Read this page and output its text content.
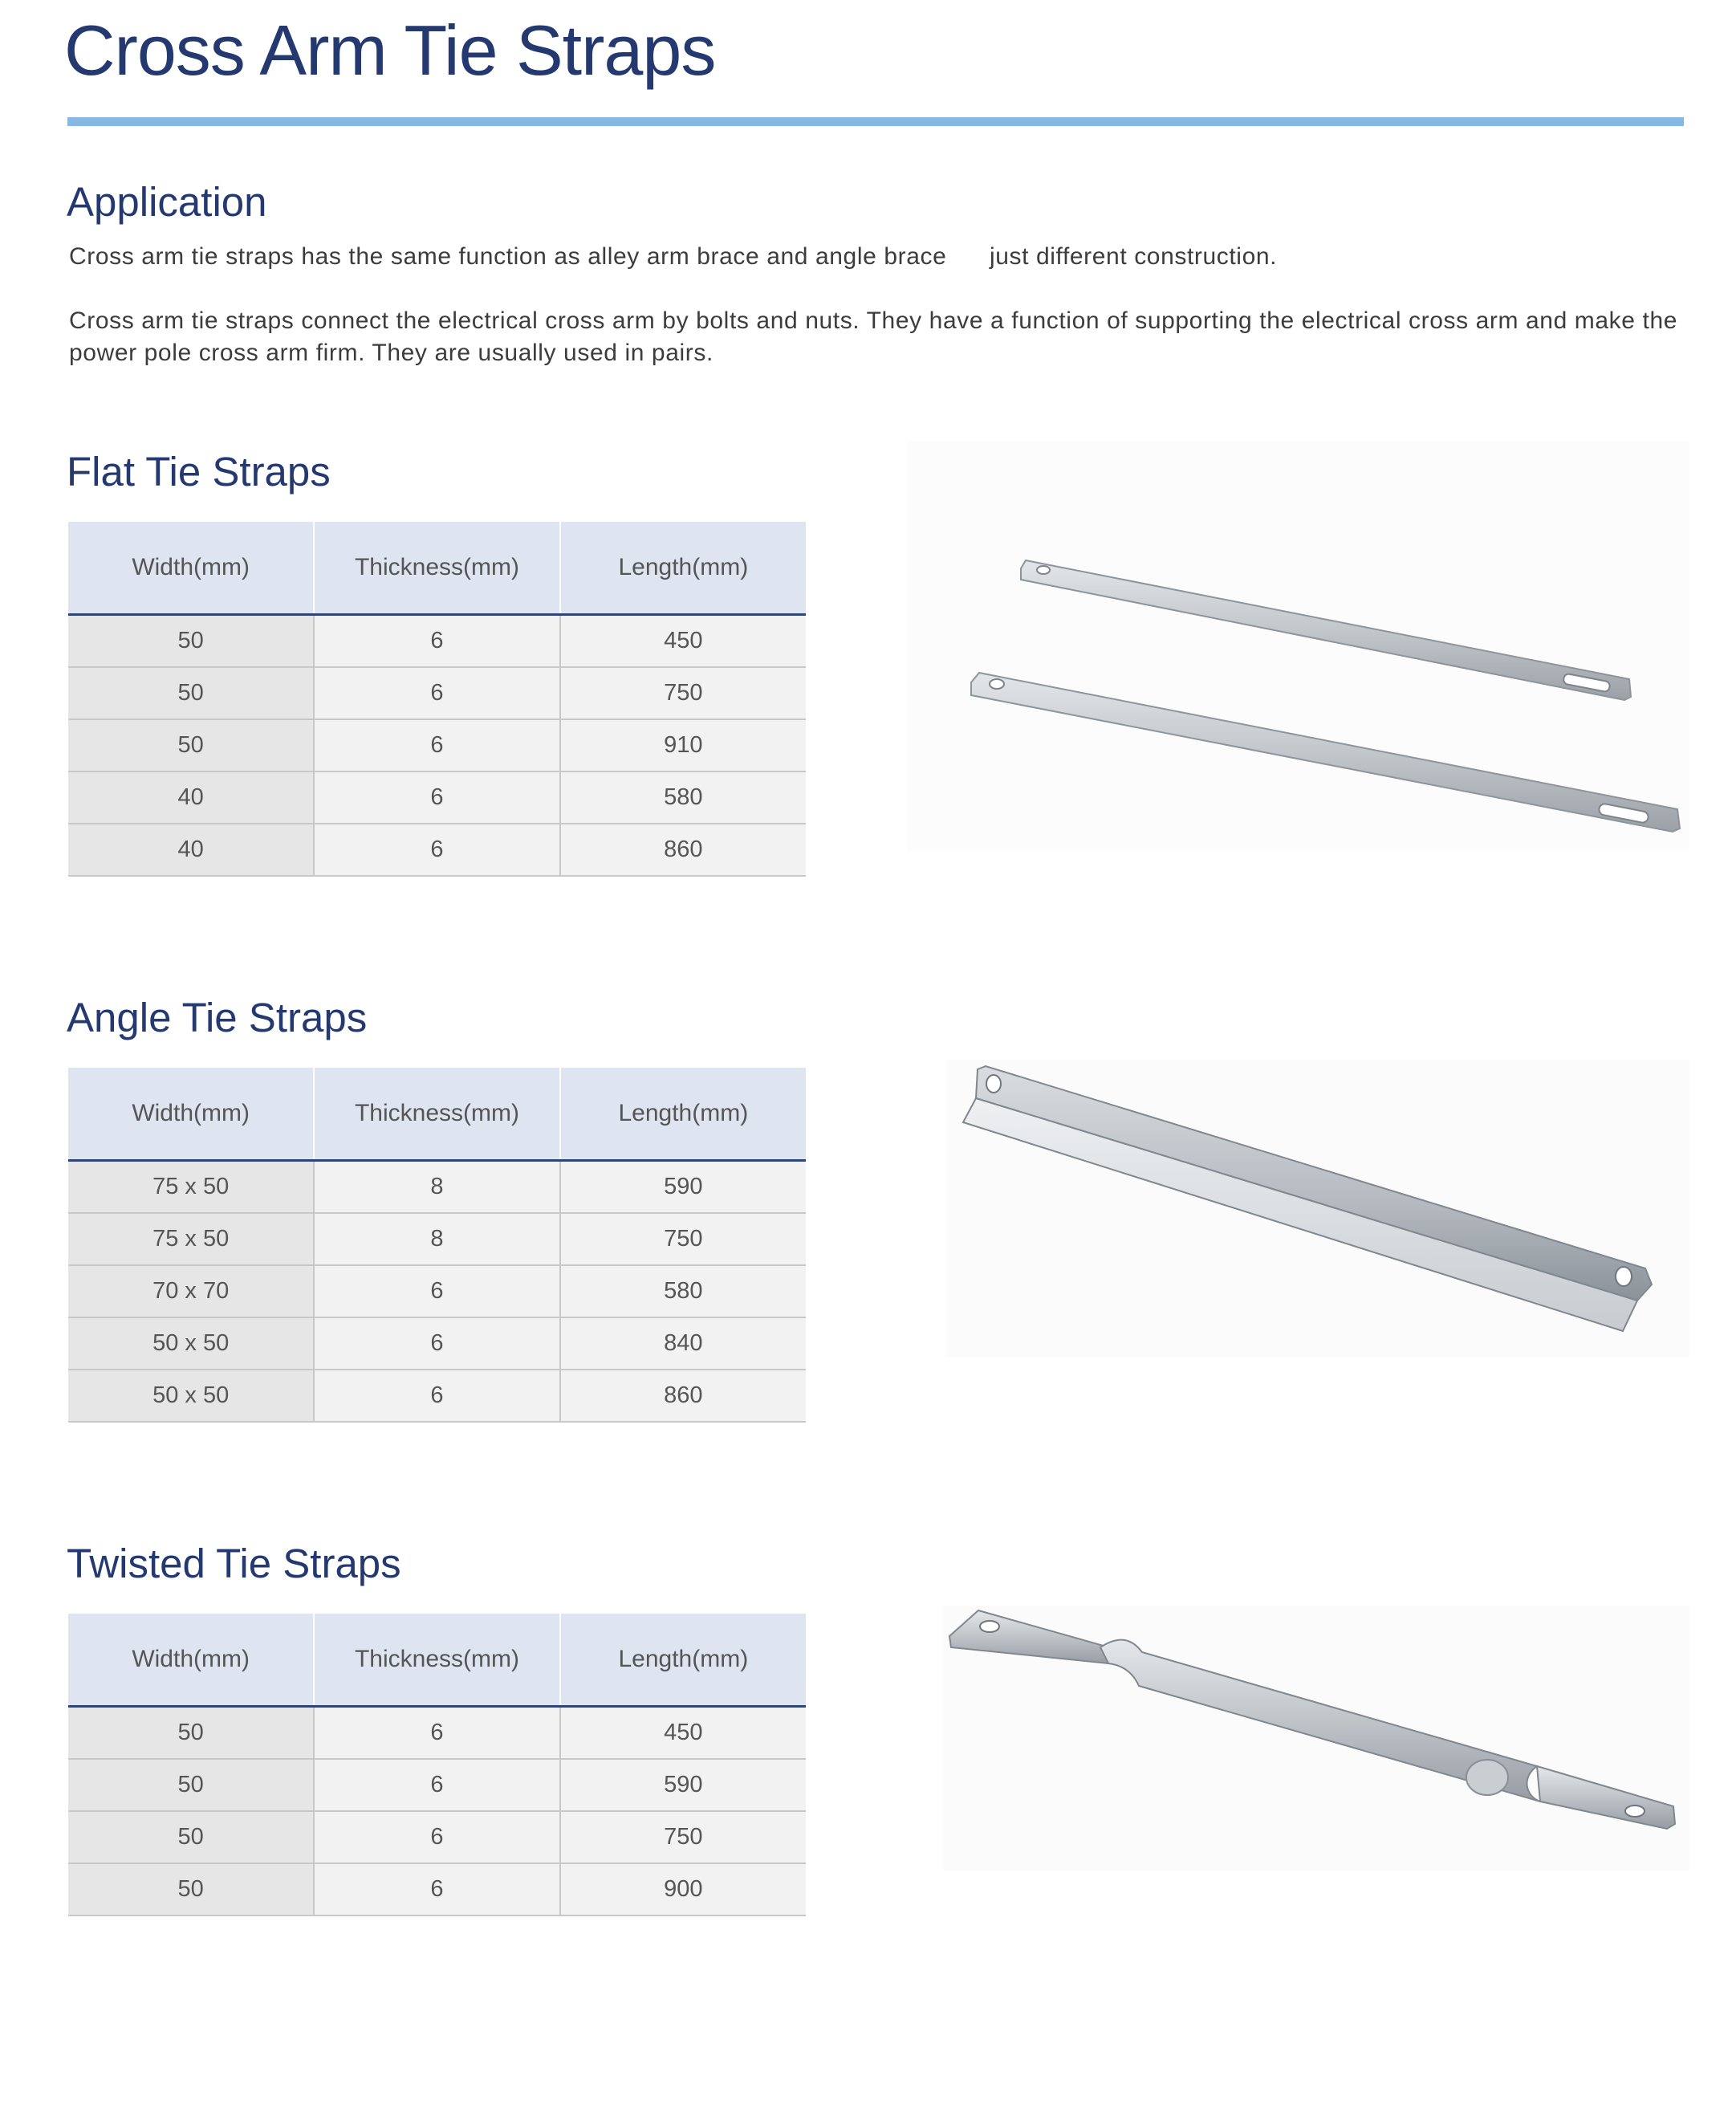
Cross Arm Tie Straps
Application

Cross arm tie straps has the same function as alley arm brace and angle brace      just different construction.

Cross arm tie straps connect the electrical cross arm by bolts and nuts. They have a function of supporting the electrical cross arm and make the power pole cross arm firm. They are usually used in pairs.

Flat Tie Straps
Width(mm)	Thickness(mm)	Length(mm)
50	6	450
50	6	750
50	6	910
40	6	580
40	6	860
Angle Tie Straps
Width(mm)	Thickness(mm)	Length(mm)
75 x 50	8	590
75 x 50	8	750
70 x 70	6	580
50 x 50	6	840
50 x 50	6	860
Twisted Tie Straps
Width(mm)	Thickness(mm)	Length(mm)
50	6	450
50	6	590
50	6	750
50	6	900
